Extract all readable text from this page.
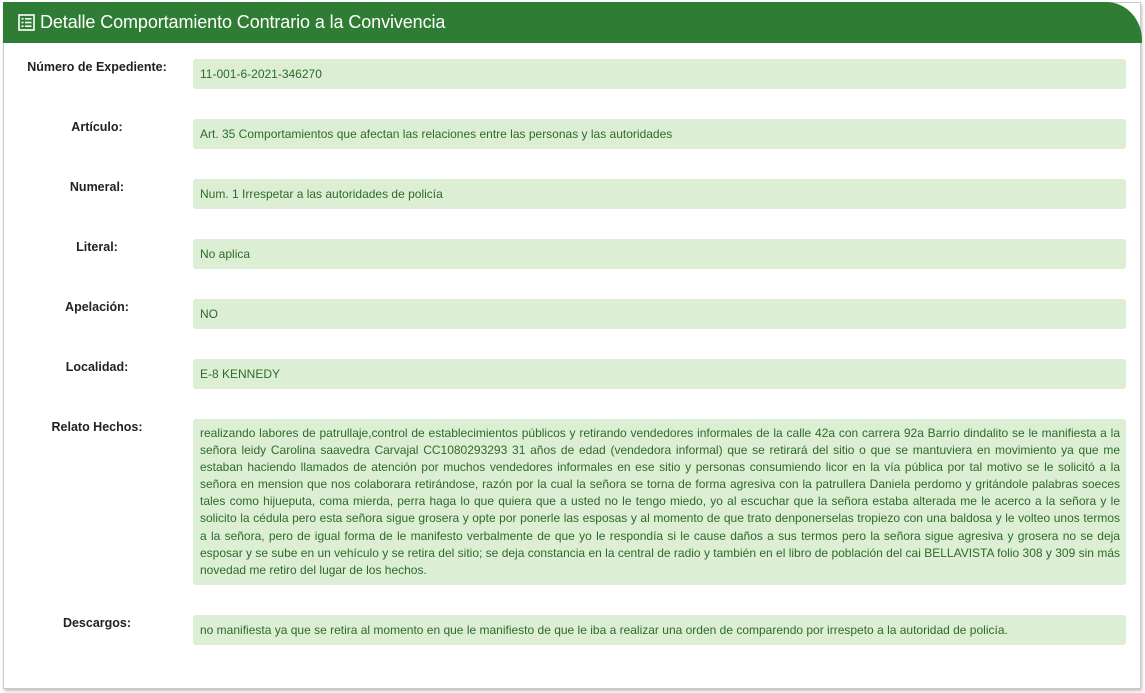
Detalle Comportamiento Contrario a la Convivencia
Número de Expediente:	11-001-6-2021-346270
Artículo:	Art. 35 Comportamientos que afectan las relaciones entre las personas y las autoridades
Numeral:	Num. 1 Irrespetar a las autoridades de policía
Literal:	No aplica
Apelación:	NO
Localidad:	E-8 KENNEDY
Relato Hechos:	realizando labores de patrullaje,control de establecimientos públicos y retirando vendedores informales de la calle 42a con carrera 92a Barrio dindalito se le manifiesta a la señora leidy Carolina saavedra Carvajal CC1080293293 31 años de edad (vendedora informal) que se retirará del sitio o que se mantuviera en movimiento ya que me estaban haciendo llamados de atención por muchos vendedores informales en ese sitio y personas consumiendo licor en la vía pública por tal motivo se le solicitó a la señora en mension que nos colaborara retirándose, razón por la cual la señora se torna de forma agresiva con la patrullera Daniela perdomo y gritándole palabras soeces tales como hijueputa, coma mierda, perra haga lo que quiera que a usted no le tengo miedo, yo al escuchar que la señora estaba alterada me le acerco a la señora y le solicito la cédula pero esta señora sigue grosera y opte por ponerle las esposas y al momento de que trato denponerselas tropiezo con una baldosa y le volteo unos termos a la señora, pero de igual forma de le manifesto verbalmente de que yo le respondía si le cause daños a sus termos pero la señora sigue agresiva y grosera no se deja esposar y se sube en un vehículo y se retira del sitio; se deja constancia en la central de radio y también en el libro de población del cai BELLAVISTA folio 308 y 309 sin más novedad me retiro del lugar de los hechos.
Descargos:	no manifiesta ya que se retira al momento en que le manifiesto de que le iba a realizar una orden de comparendo por irrespeto a la autoridad de policía.
